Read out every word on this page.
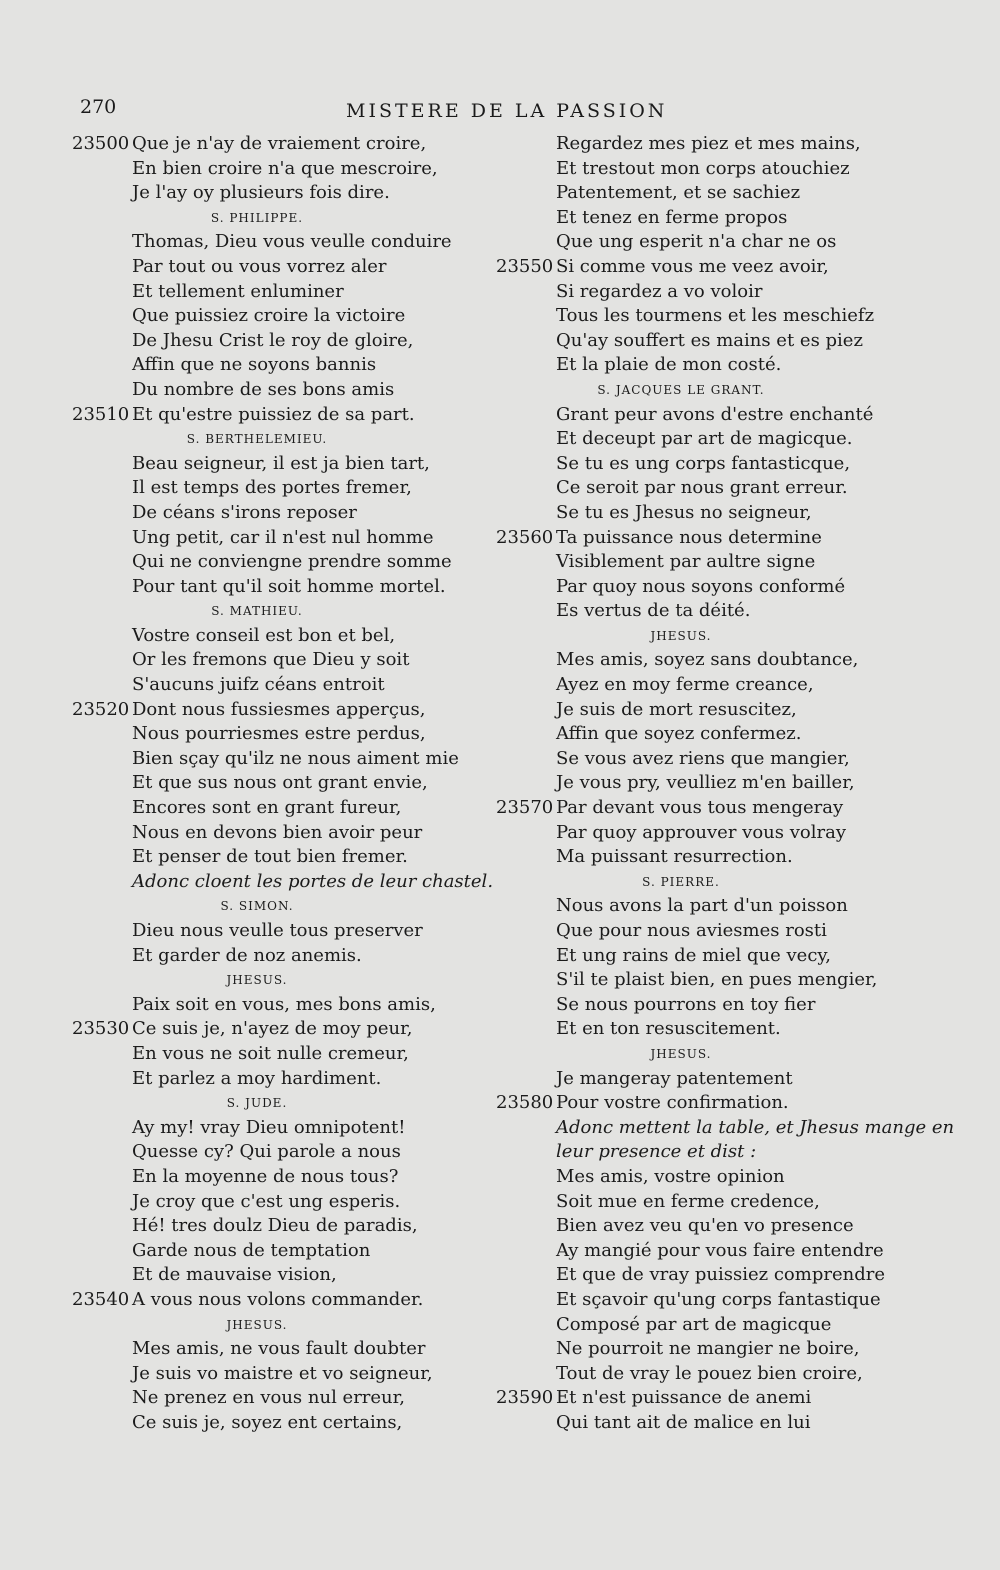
270	MISTERE DE LA PASSION
Que je n'ay de vraiement croire,
23500
En bien croire n'a que mescroire,
Je l'ay oy plusieurs fois dire.
S. PHILIPPE.
Thomas, Dieu vous veulle conduire
Par tout ou vous vorrez aler
Et tellement enluminer
Que puissiez croire la victoire
De Jhesu Crist le roy de gloire,
Affin que ne soyons bannis
Du nombre de ses bons amis
Et qu'estre puissiez de sa part.
23510
S. BERTHELEMIEU.
Beau seigneur, il est ja bien tart,
Il est temps des portes fremer,
De céans s'irons reposer
Ung petit, car il n'est nul homme
Qui ne conviengne prendre somme
Pour tant qu'il soit homme mortel.
S. MATHIEU.
Vostre conseil est bon et bel,
Or les fremons que Dieu y soit
S'aucuns juifz céans entroit
Dont nous fussiesmes apperçus,
23520
Nous pourriesmes estre perdus,
Bien sçay qu'ilz ne nous aiment mie
Et que sus nous ont grant envie,
Encores sont en grant fureur,
Nous en devons bien avoir peur
Et penser de tout bien fremer.
Adonc cloent les portes de leur chastel.
S. SIMON.
Dieu nous veulle tous preserver
Et garder de noz anemis.
JHESUS.
Paix soit en vous, mes bons amis,
Ce suis je, n'ayez de moy peur,
23530
En vous ne soit nulle cremeur,
Et parlez a moy hardiment.
S. JUDE.
Ay my! vray Dieu omnipotent!
Quesse cy? Qui parole a nous
En la moyenne de nous tous?
Je croy que c'est ung esperis.
Hé! tres doulz Dieu de paradis,
Garde nous de temptation
Et de mauvaise vision,
A vous nous volons commander.
23540
JHESUS.
Mes amis, ne vous fault doubter
Je suis vo maistre et vo seigneur,
Ne prenez en vous nul erreur,
Ce suis je, soyez ent certains,
Regardez mes piez et mes mains,
Et trestout mon corps atouchiez
Patentement, et se sachiez
Et tenez en ferme propos
Que ung esperit n'a char ne os
Si comme vous me veez avoir,
23550
Si regardez a vo voloir
Tous les tourmens et les meschiefz
Qu'ay souffert es mains et es piez
Et la plaie de mon costé.
S. JACQUES LE GRANT.
Grant peur avons d'estre enchanté
Et deceupt par art de magicque.
Se tu es ung corps fantasticque,
Ce seroit par nous grant erreur.
Se tu es Jhesus no seigneur,
Ta puissance nous determine
23560
Visiblement par aultre signe
Par quoy nous soyons conformé
Es vertus de ta déité.
JHESUS.
Mes amis, soyez sans doubtance,
Ayez en moy ferme creance,
Je suis de mort resuscitez,
Affin que soyez confermez.
Se vous avez riens que mangier,
Je vous pry, veulliez m'en bailler,
Par devant vous tous mengeray
23570
Par quoy approuver vous volray
Ma puissant resurrection.
S. PIERRE.
Nous avons la part d'un poisson
Que pour nous aviesmes rosti
Et ung rains de miel que vecy,
S'il te plaist bien, en pues mengier,
Se nous pourrons en toy fier
Et en ton resuscitement.
JHESUS.
Je mangeray patentement
Pour vostre confirmation.
23580
Adonc mettent la table, et Jhesus mange en
leur presence et dist :
Mes amis, vostre opinion
Soit mue en ferme credence,
Bien avez veu qu'en vo presence
Ay mangié pour vous faire entendre
Et que de vray puissiez comprendre
Et sçavoir qu'ung corps fantastique
Composé par art de magicque
Ne pourroit ne mangier ne boire,
Tout de vray le pouez bien croire,
Et n'est puissance de anemi
23590
Qui tant ait de malice en lui
